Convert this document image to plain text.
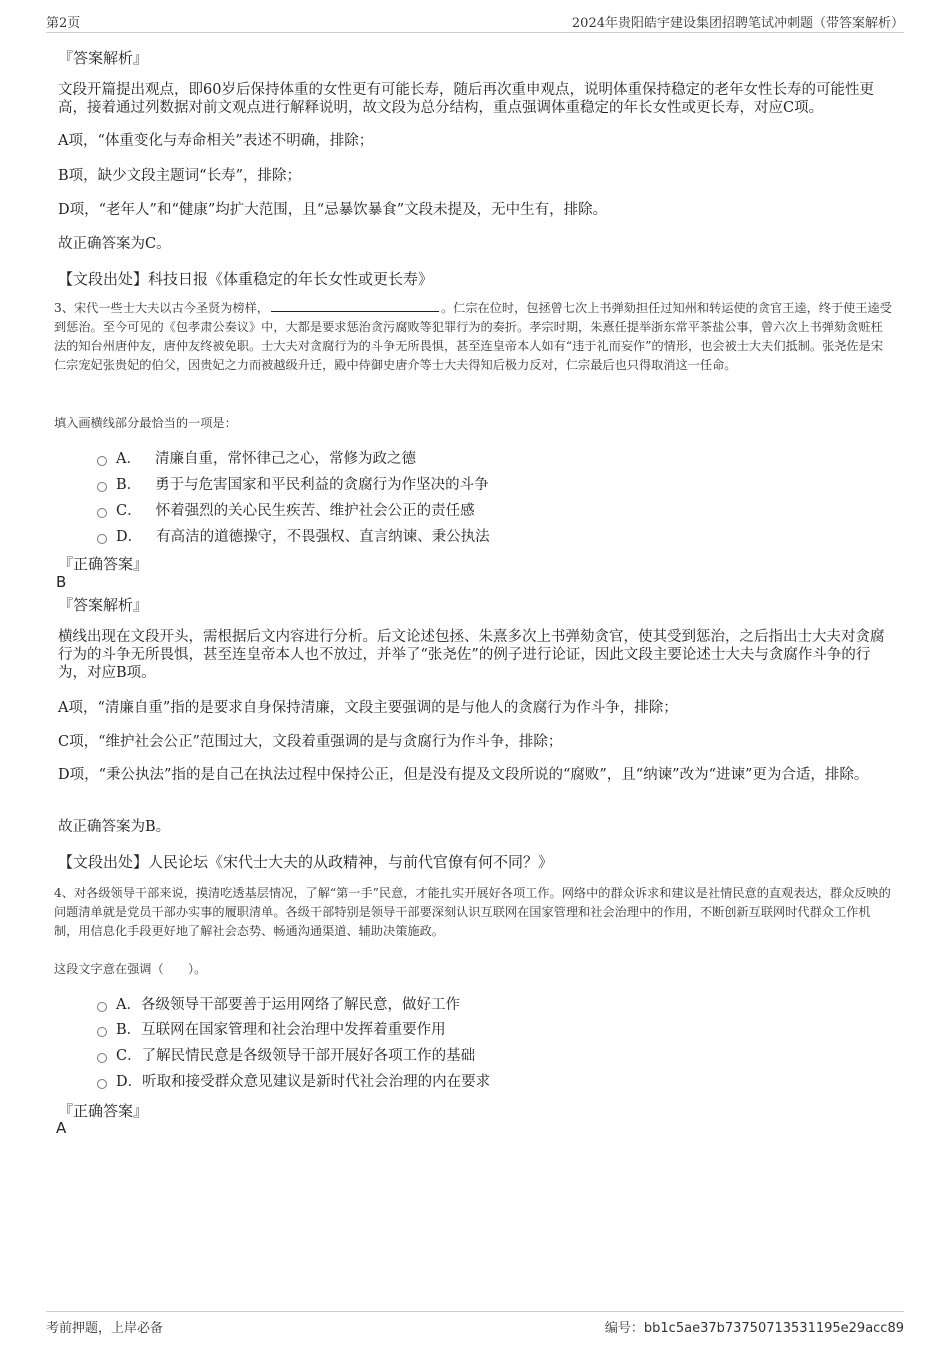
第2页	2024年贵阳皓宇建设集团招聘笔试冲刺题（带答案解析）
『答案解析』
文段开篇提出观点，即60岁后保持体重的女性更有可能长寿，随后再次重申观点，说明体重保持稳定的老年女性长寿的可能性更高，接着通过列数据对前文观点进行解释说明，故文段为总分结构，重点强调体重稳定的年长女性或更长寿，对应C项。
A项，“体重变化与寿命相关”表述不明确，排除；
B项，缺少文段主题词“长寿”，排除；
D项，“老年人”和“健康”均扩大范围，且“忌暴饮暴食”文段未提及，无中生有，排除。
故正确答案为C。
【文段出处】科技日报《体重稳定的年长女性或更长寿》
3、宋代一些士大夫以古今圣贤为榜样，	。仁宗在位时，包拯曾七次上书弹劾担任过知州和转运使的贪官王逵，终于使王逵受到惩治。至今可见的《包孝肃公奏议》中，大都是要求惩治贪污腐败等犯罪行为的奏折。孝宗时期，朱熹任提举浙东常平茶盐公事，曾六次上书弹劾贪赃枉法的知台州唐仲友，唐仲友终被免职。士大夫对贪腐行为的斗争无所畏惧，甚至连皇帝本人如有“违于礼而妄作”的情形，也会被士大夫们抵制。张尧佐是宋仁宗宠妃张贵妃的伯父，因贵妃之力而被越级升迁，殿中侍御史唐介等士大夫得知后极力反对，仁宗最后也只得取消这一任命。
填入画横线部分最恰当的一项是：
A． 清廉自重，常怀律己之心，常修为政之德
B． 勇于与危害国家和平民利益的贪腐行为作坚决的斗争
C． 怀着强烈的关心民生疾苦、维护社会公正的责任感
D． 有高洁的道德操守，不畏强权、直言纳谏、秉公执法
『正确答案』
B
『答案解析』
横线出现在文段开头，需根据后文内容进行分析。后文论述包拯、朱熹多次上书弹劾贪官，使其受到惩治，之后指出士大夫对贪腐行为的斗争无所畏惧，甚至连皇帝本人也不放过，并举了“张尧佐”的例子进行论证，因此文段主要论述士大夫与贪腐作斗争的行为，对应B项。
A项，“清廉自重”指的是要求自身保持清廉，文段主要强调的是与他人的贪腐行为作斗争，排除；
C项，“维护社会公正”范围过大，文段着重强调的是与贪腐行为作斗争，排除；
D项，“秉公执法”指的是自己在执法过程中保持公正，但是没有提及文段所说的“腐败”，且“纳谏”改为“进谏”更为合适，排除。
故正确答案为B。
【文段出处】人民论坛《宋代士大夫的从政精神，与前代官僚有何不同？》
4、对各级领导干部来说，摸清吃透基层情况，了解“第一手”民意，才能扎实开展好各项工作。网络中的群众诉求和建议是社情民意的直观表达，群众反映的问题清单就是党员干部办实事的履职清单。各级干部特别是领导干部要深刻认识互联网在国家管理和社会治理中的作用，不断创新互联网时代群众工作机制，用信息化手段更好地了解社会态势、畅通沟通渠道、辅助决策施政。
这段文字意在强调（　　）。
A． 各级领导干部要善于运用网络了解民意，做好工作
B． 互联网在国家管理和社会治理中发挥着重要作用
C． 了解民情民意是各级领导干部开展好各项工作的基础
D． 听取和接受群众意见建议是新时代社会治理的内在要求
『正确答案』
A
考前押题，上岸必备	编号：bb1c5ae37b73750713531195e29acc89
